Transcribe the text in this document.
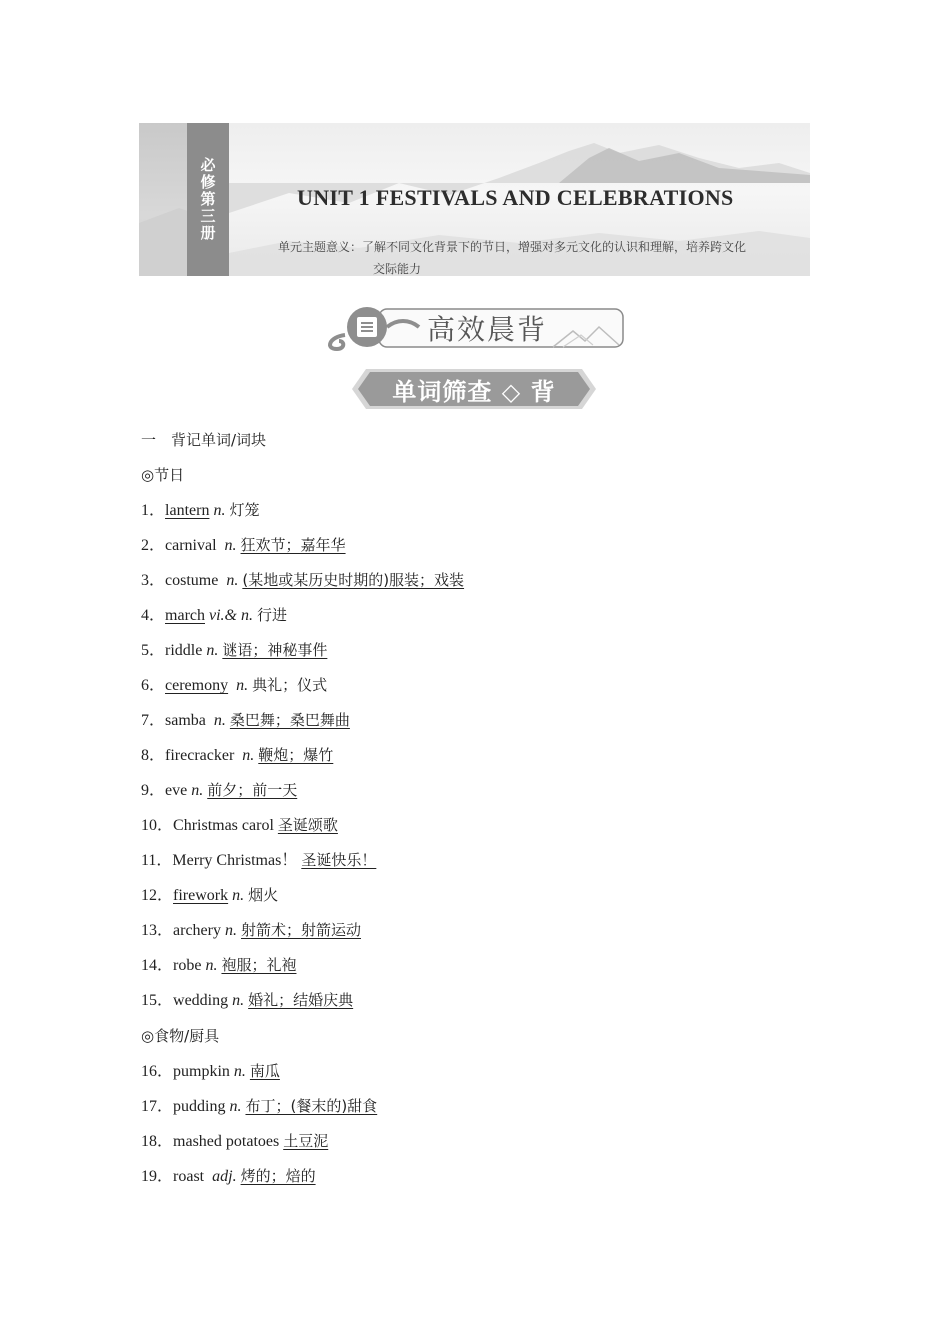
必修第三册	UNIT 1 FESTIVALS AND CELEBRATIONS
单元主题意义：了解不同文化背景下的节日，增强对多元文化的认识和理解，培养跨文化
交际能力
高效晨背
单词筛查 ◇ 背
一　背记单词/词块
◎节日
1．lantern n. 灯笼
2．carnival n. 狂欢节；嘉年华
3．costume n. (某地或某历史时期的)服装；戏装
4．march vi.& n. 行进
5．riddle n. 谜语；神秘事件
6．ceremony n. 典礼；仪式
7．samba n. 桑巴舞；桑巴舞曲
8．firecracker n. 鞭炮；爆竹
9．eve n. 前夕；前一天
10．Christmas carol 圣诞颂歌
11．Merry Christmas！ 圣诞快乐！
12．firework n. 烟火
13．archery n. 射箭术；射箭运动
14．robe n. 袍服；礼袍
15．wedding n. 婚礼；结婚庆典
◎食物/厨具
16．pumpkin n. 南瓜
17．pudding n. 布丁；(餐末的)甜食
18．mashed potatoes 土豆泥
19．roast adj. 烤的；焙的
